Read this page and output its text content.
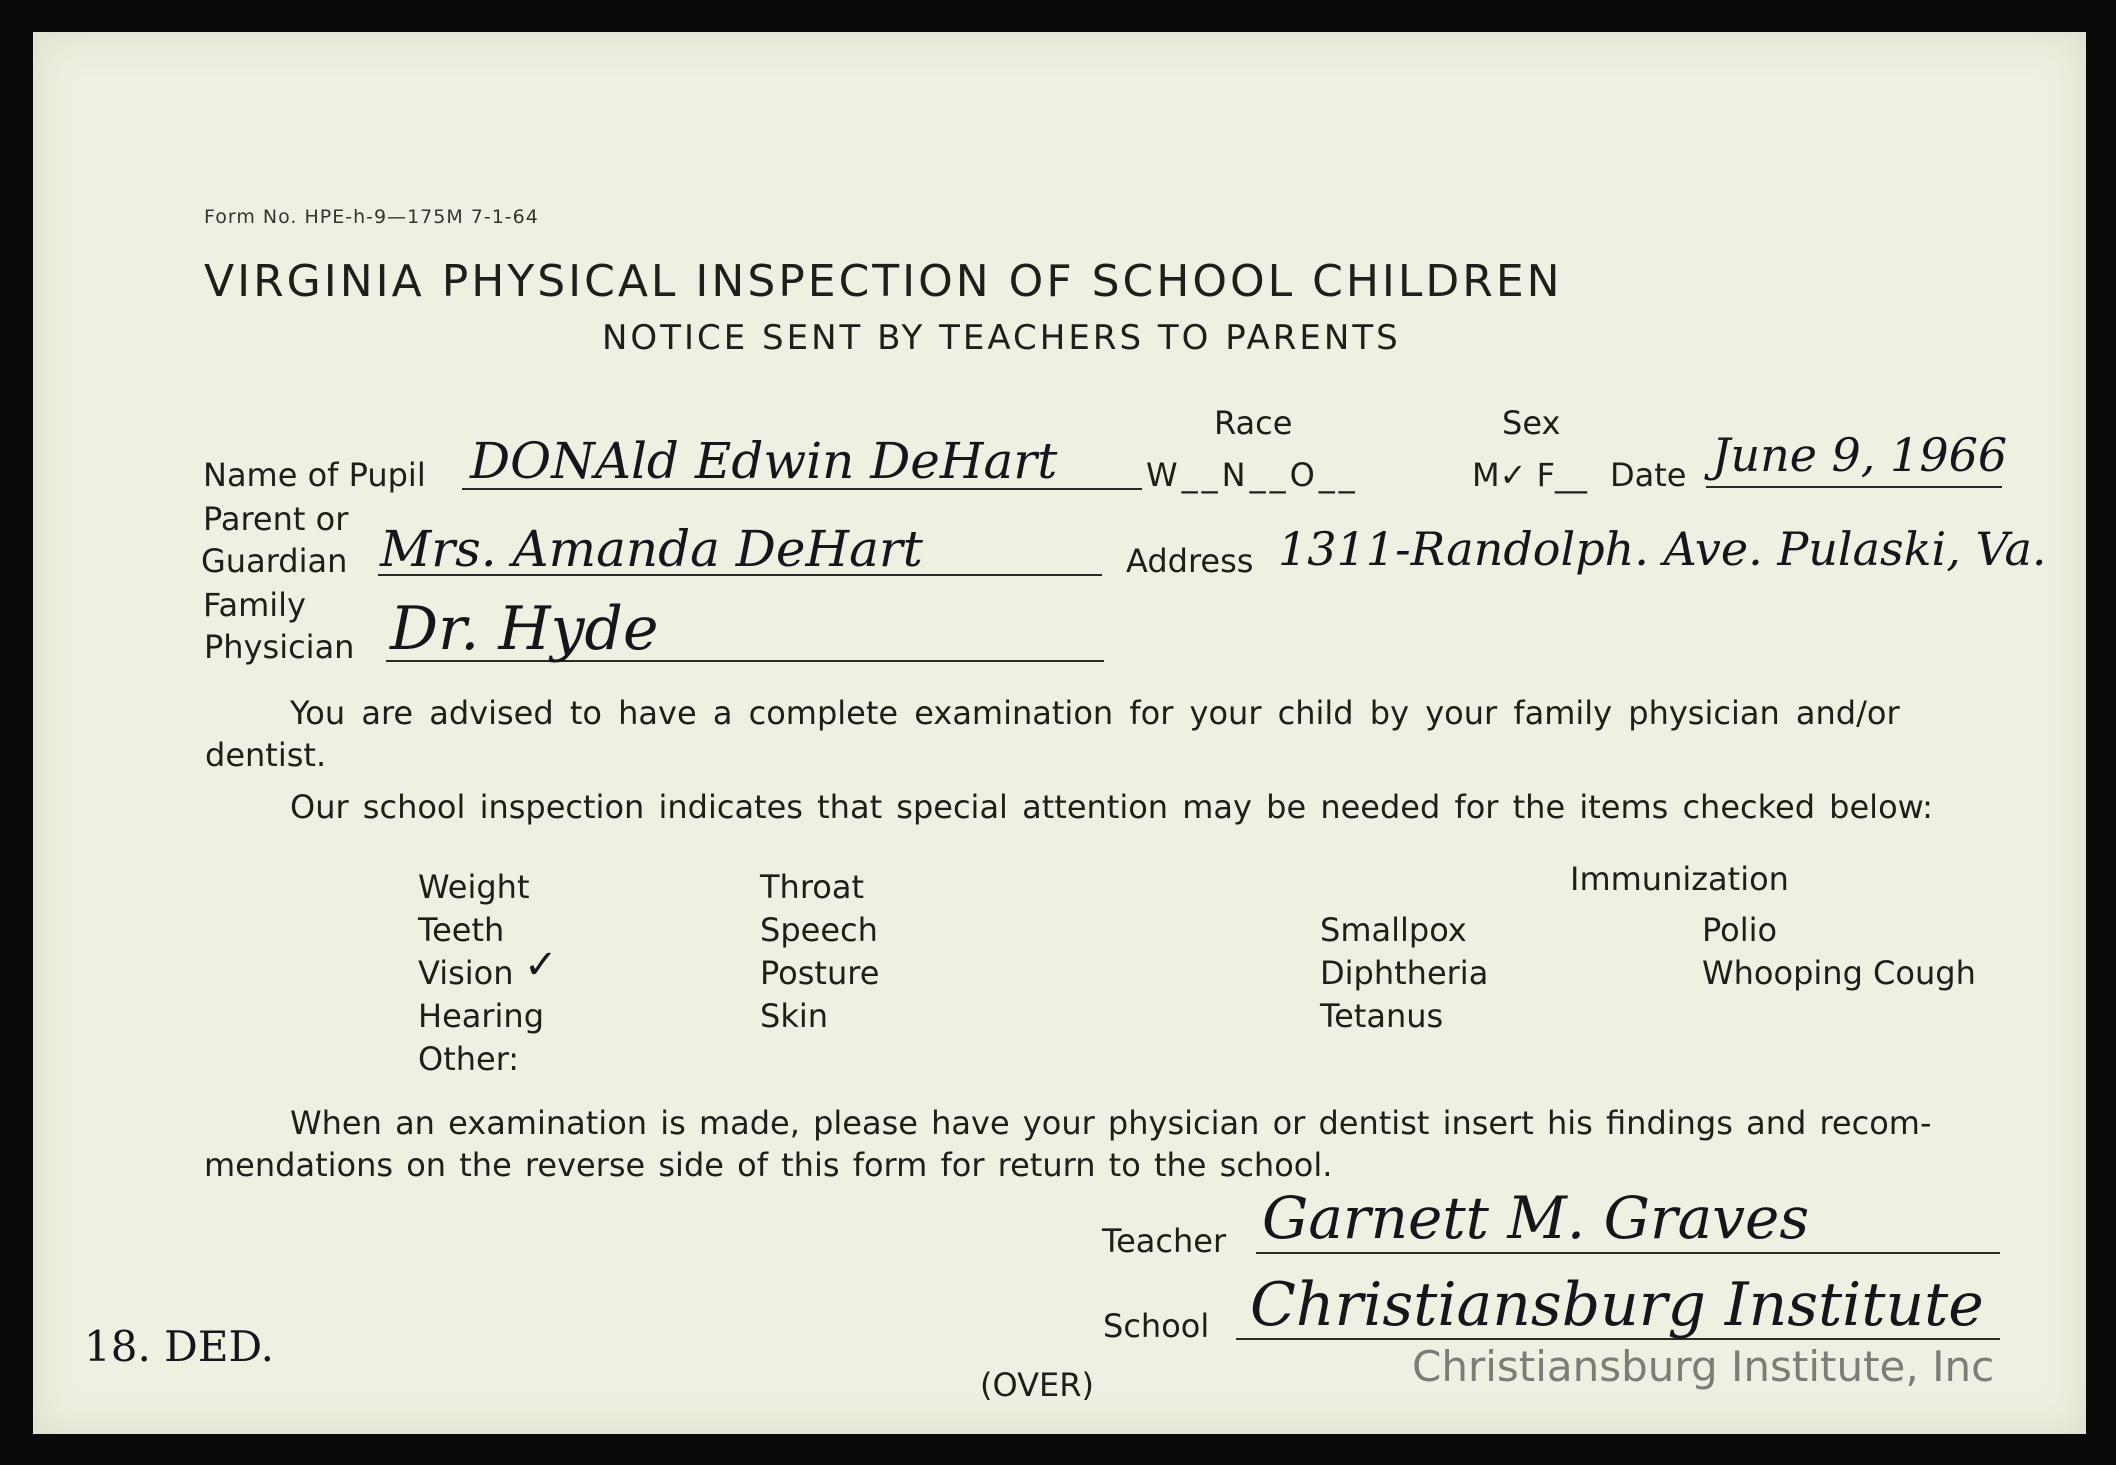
Form No. HPE-h-9—175M 7-1-64
VIRGINIA PHYSICAL INSPECTION OF SCHOOL CHILDREN
NOTICE SENT BY TEACHERS TO PARENTS
Race	Sex
Name of Pupil DONAld Edwin DeHart	W__N__O__	M✓ F__ Date June 9, 1966
Parent or
Guardian Mrs. Amanda DeHart	Address 1311-Randolph. Ave. Pulaski, Va.
Family
Physician Dr. Hyde
You are advised to have a complete examination for your child by your family physician and/or
dentist.
Our school inspection indicates that special attention may be needed for the items checked below:
Weight
Teeth
Vision ✓
Hearing
Other:
Throat
Speech
Posture
Skin
Immunization
Smallpox
Diphtheria
Tetanus
Polio
Whooping Cough
When an examination is made, please have your physician or dentist insert his findings and recom-
mendations on the reverse side of this form for return to the school.
Teacher Garnett M. Graves
School Christiansburg Institute
(OVER)
18. DED.	Christiansburg Institute, Inc
